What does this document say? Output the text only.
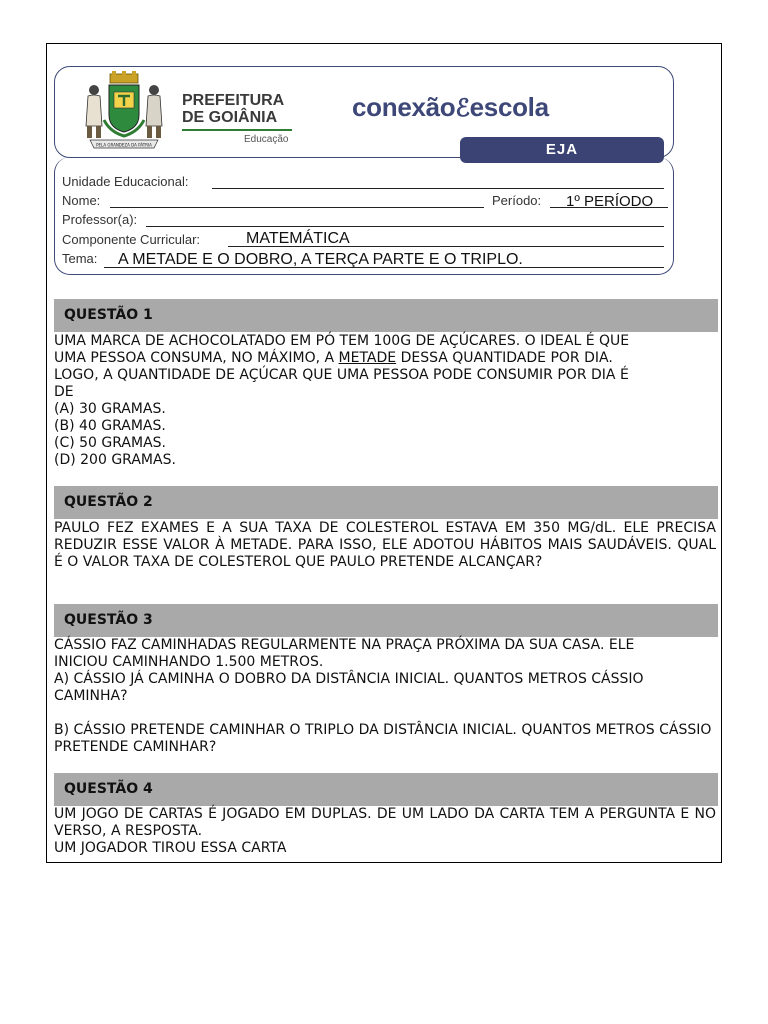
EJA
PELA GRANDEZA DA PÁTRIA
PREFEITURA
DE GOIÂNIA
Educação
conexãoℰescola
Unidade Educacional:
Nome:	Período: 1º PERÍODO
Professor(a):
Componente Curricular:	MATEMÁTICA
Tema: A METADE E O DOBRO, A TERÇA PARTE E O TRIPLO.
QUESTÃO 1

UMA MARCA DE ACHOCOLATADO EM PÓ TEM 100G DE AÇÚCARES. O IDEAL É QUE

UMA PESSOA CONSUMA, NO MÁXIMO, A METADE DESSA QUANTIDADE POR DIA.

LOGO, A QUANTIDADE DE AÇÚCAR QUE UMA PESSOA PODE CONSUMIR POR DIA É

DE

(A) 30 GRAMAS.

(B) 40 GRAMAS.

(C) 50 GRAMAS.

(D) 200 GRAMAS.

QUESTÃO 2
PAULO FEZ EXAMES E A SUA TAXA DE COLESTEROL ESTAVA EM 350 MG/dL. ELE PRECISA REDUZIR ESSE VALOR À METADE. PARA ISSO, ELE ADOTOU HÁBITOS MAIS SAUDÁVEIS. QUAL É O VALOR TAXA DE COLESTEROL QUE PAULO PRETENDE ALCANÇAR?
QUESTÃO 3

CÁSSIO FAZ CAMINHADAS REGULARMENTE NA PRAÇA PRÓXIMA DA SUA CASA. ELE

INICIOU CAMINHANDO 1.500 METROS.

A) CÁSSIO JÁ CAMINHA O DOBRO DA DISTÂNCIA INICIAL. QUANTOS METROS CÁSSIO CAMINHA?

B) CÁSSIO PRETENDE CAMINHAR O TRIPLO DA DISTÂNCIA INICIAL. QUANTOS METROS CÁSSIO PRETENDE CAMINHAR?

QUESTÃO 4

UM JOGO DE CARTAS É JOGADO EM DUPLAS. DE UM LADO DA CARTA TEM A PERGUNTA E NO VERSO, A RESPOSTA.

UM JOGADOR TIROU ESSA CARTA
